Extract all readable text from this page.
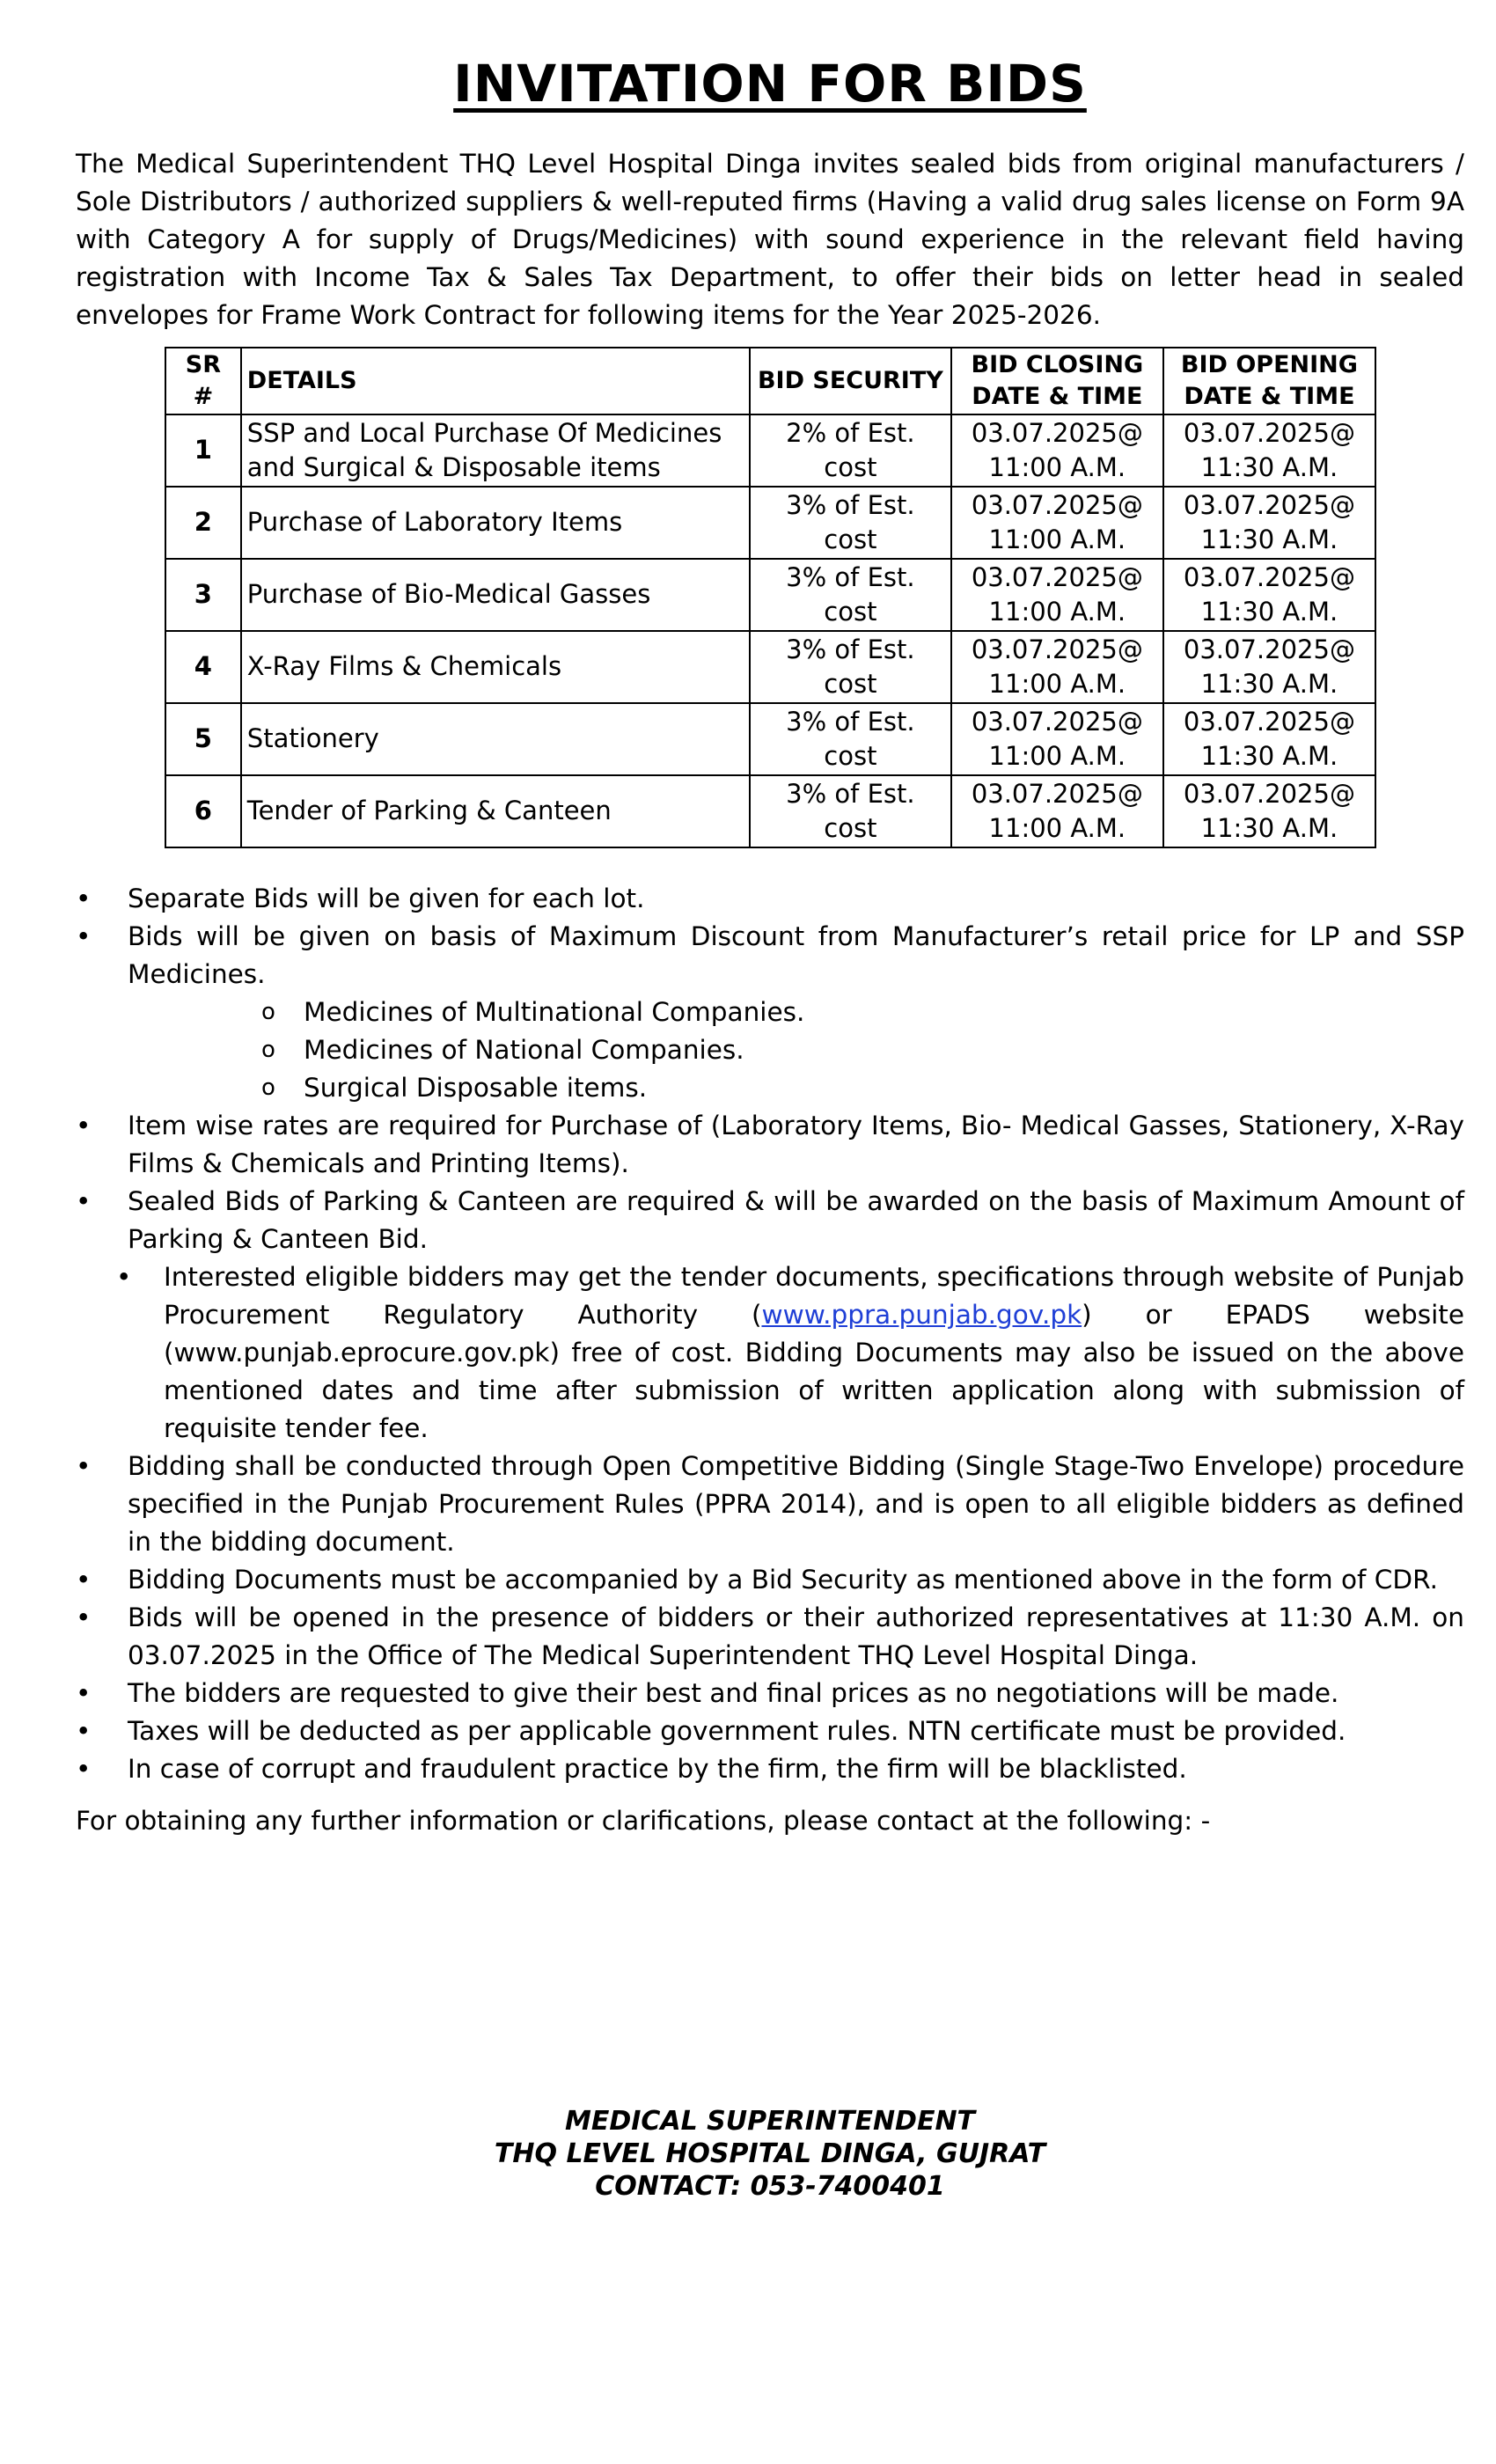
INVITATION FOR BIDS

The Medical Superintendent THQ Level Hospital Dinga invites sealed bids from original manufacturers / Sole Distributors / authorized suppliers & well-reputed firms (Having a valid drug sales license on Form 9A with Category A for supply of Drugs/Medicines) with sound experience in the relevant field having registration with Income Tax & Sales Tax Department, to offer their bids on letter head in sealed envelopes for Frame Work Contract for following items for the Year 2025-2026.

SR #	DETAILS	BID SECURITY	BID CLOSING DATE & TIME	BID OPENING DATE & TIME
1	SSP and Local Purchase Of Medicines and Surgical & Disposable items	2% of Est. cost	03.07.2025@ 11:00 A.M.	03.07.2025@ 11:30 A.M.
2	Purchase of Laboratory Items	3% of Est. cost	03.07.2025@ 11:00 A.M.	03.07.2025@ 11:30 A.M.
3	Purchase of Bio-Medical Gasses	3% of Est. cost	03.07.2025@ 11:00 A.M.	03.07.2025@ 11:30 A.M.
4	X-Ray Films & Chemicals	3% of Est. cost	03.07.2025@ 11:00 A.M.	03.07.2025@ 11:30 A.M.
5	Stationery	3% of Est. cost	03.07.2025@ 11:00 A.M.	03.07.2025@ 11:30 A.M.
6	Tender of Parking & Canteen	3% of Est. cost	03.07.2025@ 11:00 A.M.	03.07.2025@ 11:30 A.M.
• Separate Bids will be given for each lot.
• Bids will be given on basis of Maximum Discount from Manufacturer’s retail price for LP and SSP Medicines.
o Medicines of Multinational Companies.
o Medicines of National Companies.
o Surgical Disposable items.
• Item wise rates are required for Purchase of (Laboratory Items, Bio- Medical Gasses, Stationery, X-Ray Films & Chemicals and Printing Items).
• Sealed Bids of Parking & Canteen are required & will be awarded on the basis of Maximum Amount of Parking & Canteen Bid.
• Interested eligible bidders may get the tender documents, specifications through website of Punjab Procurement Regulatory Authority (www.ppra.punjab.gov.pk) or EPADS website (www.punjab.eprocure.gov.pk) free of cost. Bidding Documents may also be issued on the above mentioned dates and time after submission of written application along with submission of requisite tender fee.
• Bidding shall be conducted through Open Competitive Bidding (Single Stage-Two Envelope) procedure specified in the Punjab Procurement Rules (PPRA 2014), and is open to all eligible bidders as defined in the bidding document.
• Bidding Documents must be accompanied by a Bid Security as mentioned above in the form of CDR.
• Bids will be opened in the presence of bidders or their authorized representatives at 11:30 A.M. on 03.07.2025 in the Office of The Medical Superintendent THQ Level Hospital Dinga.
• The bidders are requested to give their best and final prices as no negotiations will be made.
• Taxes will be deducted as per applicable government rules. NTN certificate must be provided.
• In case of corrupt and fraudulent practice by the firm, the firm will be blacklisted.

For obtaining any further information or clarifications, please contact at the following: -

MEDICAL SUPERINTENDENT
THQ LEVEL HOSPITAL DINGA, GUJRAT
CONTACT: 053-7400401
